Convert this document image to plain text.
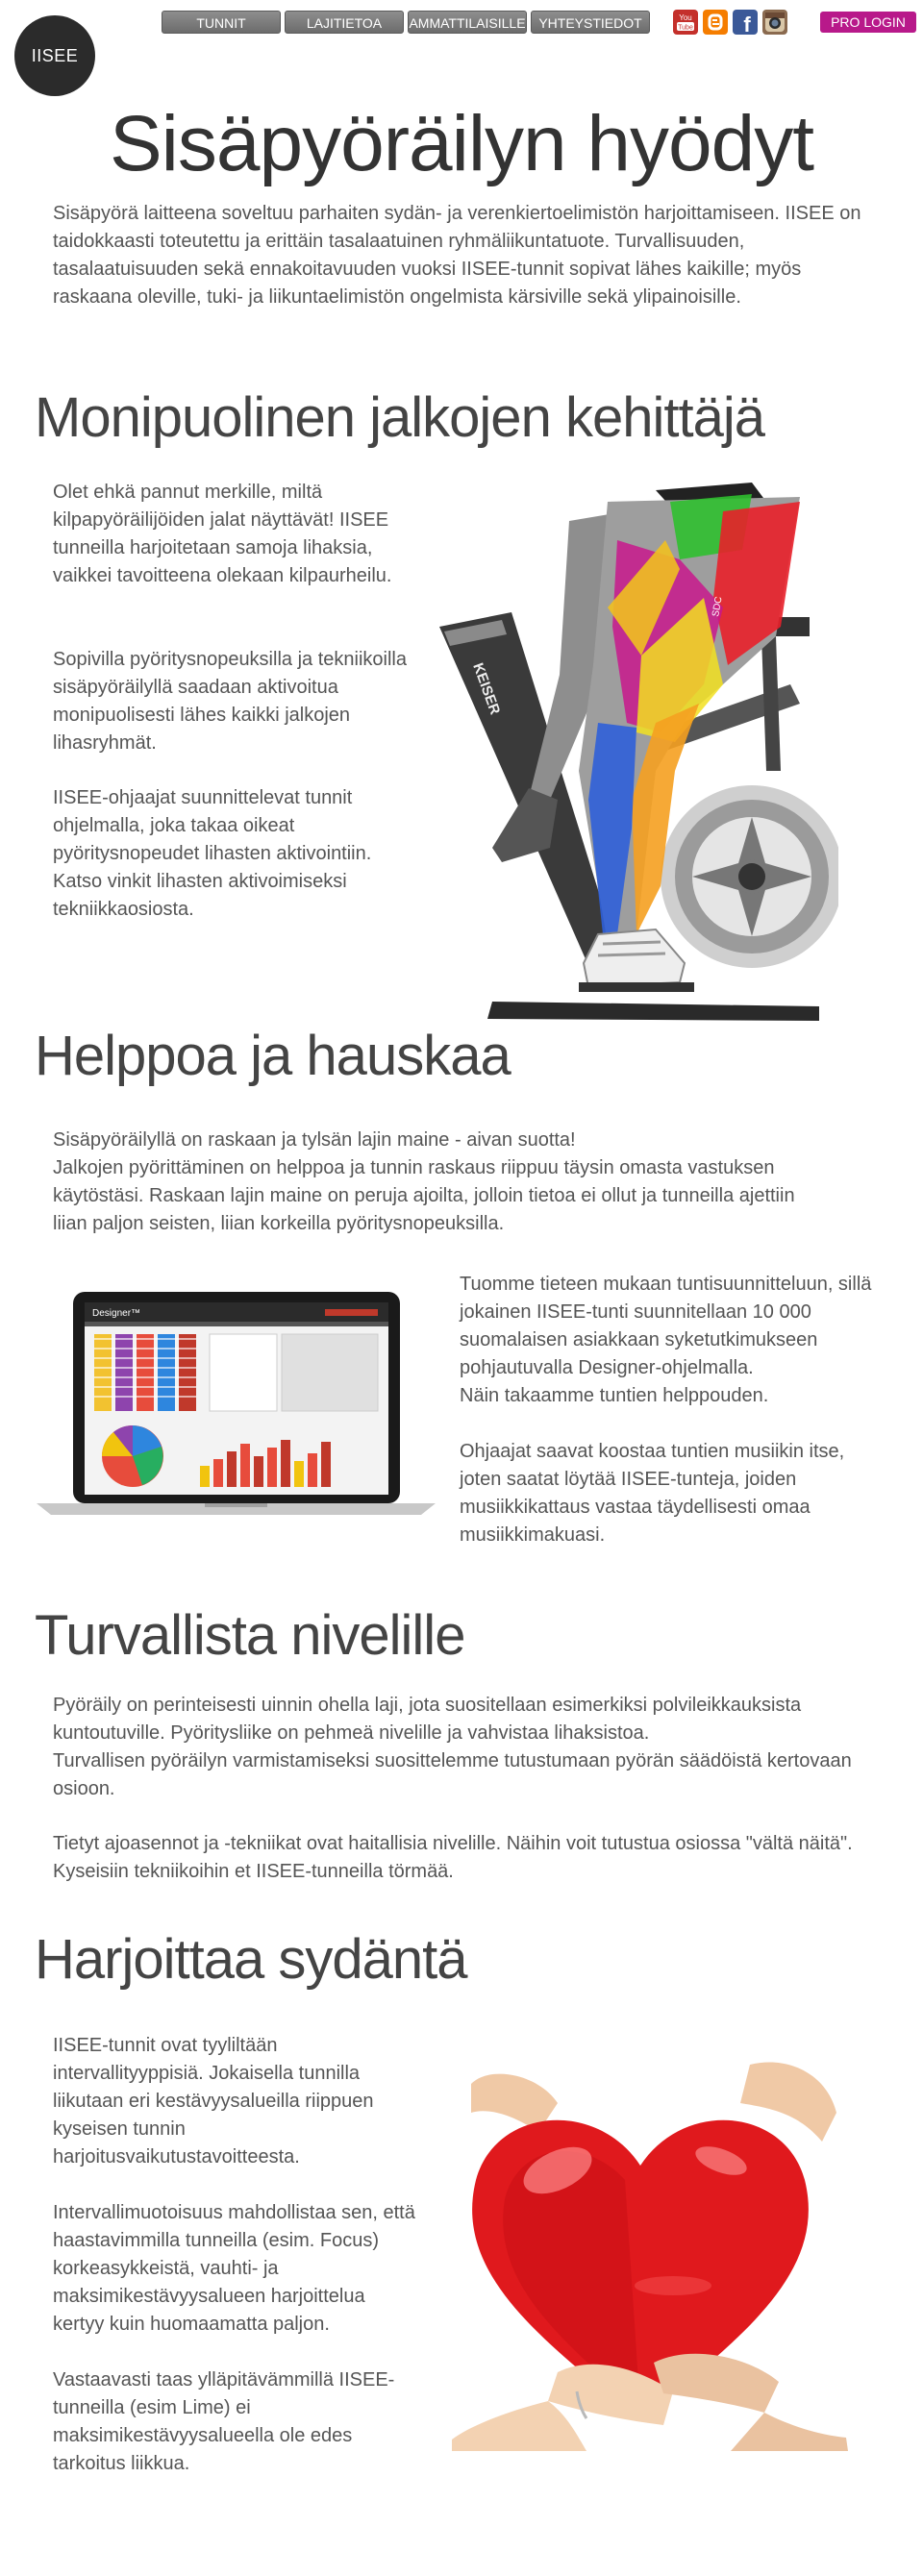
IISEE
TUNNIT	LAJITIETOA	AMMATTILAISILLE YHTEYSTIEDOT	You
Tube f	PRO LOGIN
Sisäpyöräilyn hyödyt

Sisäpyörä laitteena soveltuu parhaiten sydän- ja verenkiertoelimistön harjoittamiseen. IISEE on taidokkaasti toteutettu ja erittäin tasalaatuinen ryhmäliikuntatuote. Turvallisuuden, tasalaatuisuuden sekä ennakoitavuuden vuoksi IISEE-tunnit sopivat lähes kaikille; myös raskaana oleville, tuki- ja liikuntaelimistön ongelmista kärsiville sekä ylipainoisille.

Monipuolinen jalkojen kehittäjä

Olet ehkä pannut merkille, miltä kilpapyöräilijöiden jalat näyttävät! IISEE tunneilla harjoitetaan samoja lihaksia, vaikkei tavoitteena olekaan kilpaurheilu.

Sopivilla pyöritysnopeuksilla ja tekniikoilla sisäpyöräilyllä saadaan aktivoitua monipuolisesti lähes kaikki jalkojen lihasryhmät.

IISEE-ohjaajat suunnittelevat tunnit ohjelmalla, joka takaa oikeat pyöritysnopeudet lihasten aktivointiin. Katso vinkit lihasten aktivoimiseksi tekniikkaosiosta.

KEISER
SDC
Helppoa ja hauskaa

Sisäpyöräilyllä on raskaan ja tylsän lajin maine - aivan suotta!

Jalkojen pyörittäminen on helppoa ja tunnin raskaus riippuu täysin omasta vastuksen käytöstäsi. Raskaan lajin maine on peruja ajoilta, jolloin tietoa ei ollut ja tunneilla ajettiin liian paljon seisten, liian korkeilla pyöritysnopeuksilla.

Designer™

Tuomme tieteen mukaan tuntisuunnitteluun, sillä jokainen IISEE-tunti suunnitellaan 10 000 suomalaisen asiakkaan syketutkimukseen pohjautuvalla Designer-ohjelmalla.

Näin takaamme tuntien helppouden.

Ohjaajat saavat koostaa tuntien musiikin itse, joten saatat löytää IISEE-tunteja, joiden musiikkikattaus vastaa täydellisesti omaa musiikkimakuasi.

Turvallista nivelille

Pyöräily on perinteisesti uinnin ohella laji, jota suositellaan esimerkiksi polvileikkauksista kuntoutuville. Pyöritysliike on pehmeä nivelille ja vahvistaa lihaksistoa.

Turvallisen pyöräilyn varmistamiseksi suosittelemme tutustumaan pyörän säädöistä kertovaan osioon.

Tietyt ajoasennot ja -tekniikat ovat haitallisia nivelille. Näihin voit tutustua osiossa "vältä näitä". Kyseisiin tekniikoihin et IISEE-tunneilla törmää.

Harjoittaa sydäntä

IISEE-tunnit ovat tyyliltään intervallityyppisiä. Jokaisella tunnilla liikutaan eri kestävyysalueilla riippuen kyseisen tunnin harjoitusvaikutustavoitteesta.

Intervallimuotoisuus mahdollistaa sen, että haastavimmilla tunneilla (esim. Focus) korkeasykkeistä, vauhti- ja maksimikestävyysalueen harjoittelua kertyy kuin huomaamatta paljon.

Vastaavasti taas ylläpitävämmillä IISEE-tunneilla (esim Lime) ei maksimikestävyysalueella ole edes tarkoitus liikkua.
